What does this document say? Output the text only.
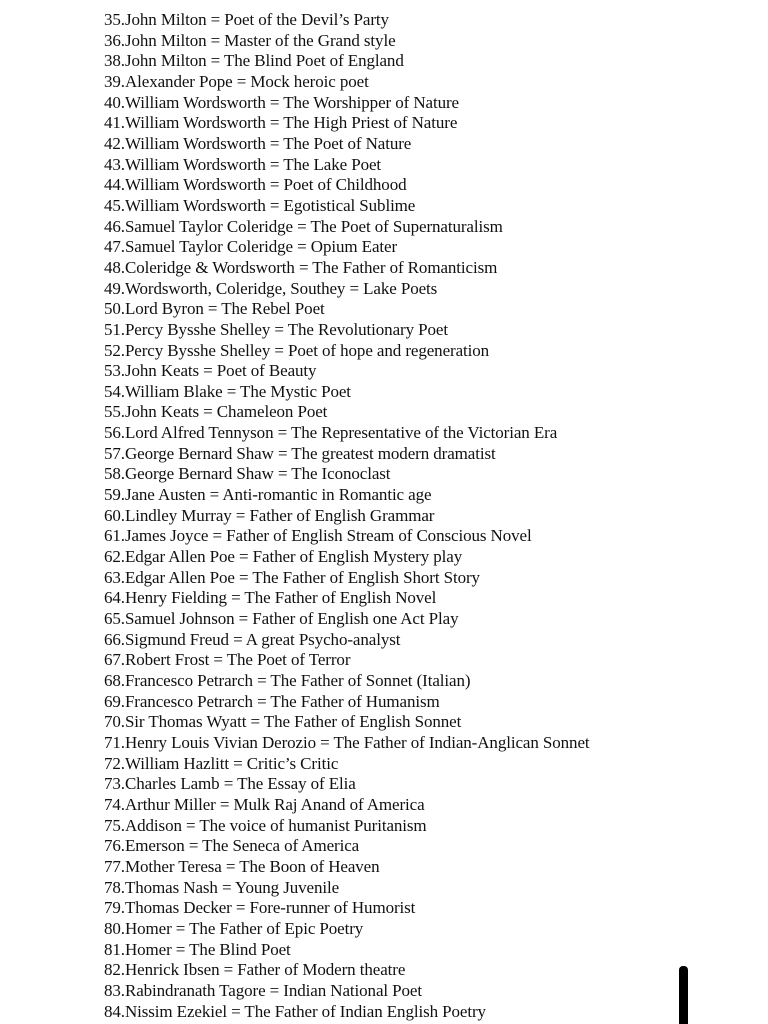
35.John Milton = Poet of the Devil’s Party
36.John Milton = Master of the Grand style
38.John Milton = The Blind Poet of England
39.Alexander Pope = Mock heroic poet
40.William Wordsworth = The Worshipper of Nature
41.William Wordsworth = The High Priest of Nature
42.William Wordsworth = The Poet of Nature
43.William Wordsworth = The Lake Poet
44.William Wordsworth = Poet of Childhood
45.William Wordsworth = Egotistical Sublime
46.Samuel Taylor Coleridge = The Poet of Supernaturalism
47.Samuel Taylor Coleridge = Opium Eater
48.Coleridge & Wordsworth = The Father of Romanticism
49.Wordsworth, Coleridge, Southey = Lake Poets
50.Lord Byron = The Rebel Poet
51.Percy Bysshe Shelley = The Revolutionary Poet
52.Percy Bysshe Shelley = Poet of hope and regeneration
53.John Keats = Poet of Beauty
54.William Blake = The Mystic Poet
55.John Keats = Chameleon Poet
56.Lord Alfred Tennyson = The Representative of the Victorian Era
57.George Bernard Shaw = The greatest modern dramatist
58.George Bernard Shaw = The Iconoclast
59.Jane Austen = Anti-romantic in Romantic age
60.Lindley Murray = Father of English Grammar
61.James Joyce = Father of English Stream of Conscious Novel
62.Edgar Allen Poe = Father of English Mystery play
63.Edgar Allen Poe = The Father of English Short Story
64.Henry Fielding = The Father of English Novel
65.Samuel Johnson = Father of English one Act Play
66.Sigmund Freud = A great Psycho-analyst
67.Robert Frost = The Poet of Terror
68.Francesco Petrarch = The Father of Sonnet (Italian)
69.Francesco Petrarch = The Father of Humanism
70.Sir Thomas Wyatt = The Father of English Sonnet
71.Henry Louis Vivian Derozio = The Father of Indian-Anglican Sonnet
72.William Hazlitt = Critic’s Critic
73.Charles Lamb = The Essay of Elia
74.Arthur Miller = Mulk Raj Anand of America
75.Addison = The voice of humanist Puritanism
76.Emerson = The Seneca of America
77.Mother Teresa = The Boon of Heaven
78.Thomas Nash = Young Juvenile
79.Thomas Decker = Fore-runner of Humorist
80.Homer = The Father of Epic Poetry
81.Homer = The Blind Poet
82.Henrick Ibsen = Father of Modern theatre
83.Rabindranath Tagore = Indian National Poet
84.Nissim Ezekiel = The Father of Indian English Poetry
